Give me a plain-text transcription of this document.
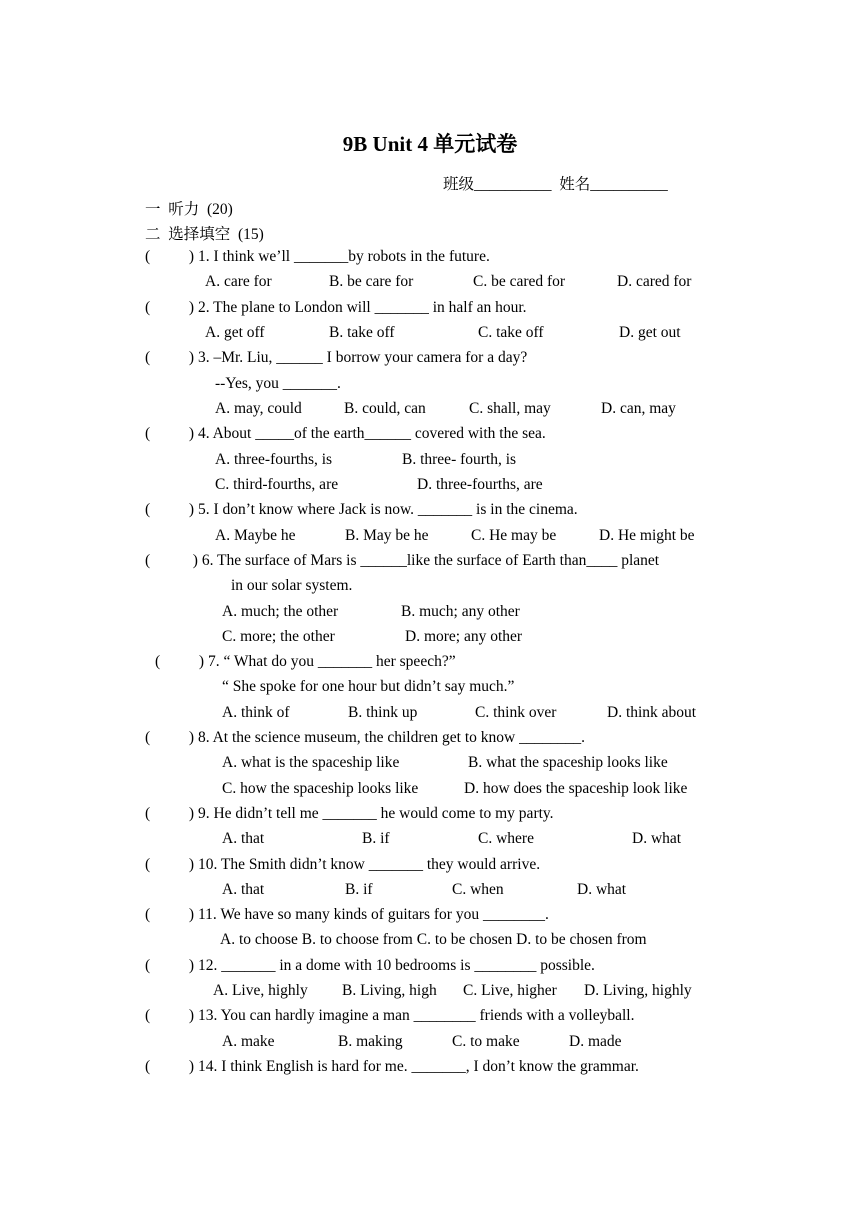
9B Unit 4 单元试卷
班级__________  姓名__________
一  听力  (20)
二  选择填空  (15)
(          ) 1. I think we’ll _______by robots in the future.
A. care for	B. be care for	C. be cared for	D. cared for
(          ) 2. The plane to London will _______ in half an hour.
A. get off	B. take off	C. take off	D. get out
(          ) 3. –Mr. Liu, ______ I borrow your camera for a day?
--Yes, you _______.
A. may, could	B. could, can	C. shall, may	D. can, may
(          ) 4. About _____of the earth______ covered with the sea.
A. three-fourths, is	B. three- fourth, is
C. third-fourths, are	D. three-fourths, are
(          ) 5. I don’t know where Jack is now. _______ is in the cinema.
A. Maybe he	B. May be he	C. He may be	D. He might be
(           ) 6. The surface of Mars is ______like the surface of Earth than____ planet
in our solar system.
A. much; the other	B. much; any other
C. more; the other	D. more; any other
(          ) 7. “ What do you _______ her speech?”
“ She spoke for one hour but didn’t say much.”
A. think of	B. think up	C. think over	D. think about
(          ) 8. At the science museum, the children get to know ________.
A. what is the spaceship like	B. what the spaceship looks like
C. how the spaceship looks like	D. how does the spaceship look like
(          ) 9. He didn’t tell me _______ he would come to my party.
A. that	B. if	C. where	D. what
(          ) 10. The Smith didn’t know _______ they would arrive.
A. that	B. if	C. when	D. what
(          ) 11. We have so many kinds of guitars for you ________.
A. to choose B. to choose from C. to be chosen D. to be chosen from
(          ) 12. _______ in a dome with 10 bedrooms is ________ possible.
A. Live, highly B. Living, high C. Live, higher D. Living, highly
(          ) 13. You can hardly imagine a man ________ friends with a volleyball.
A. make	B. making	C. to make	D. made
(          ) 14. I think English is hard for me. _______, I don’t know the grammar.
